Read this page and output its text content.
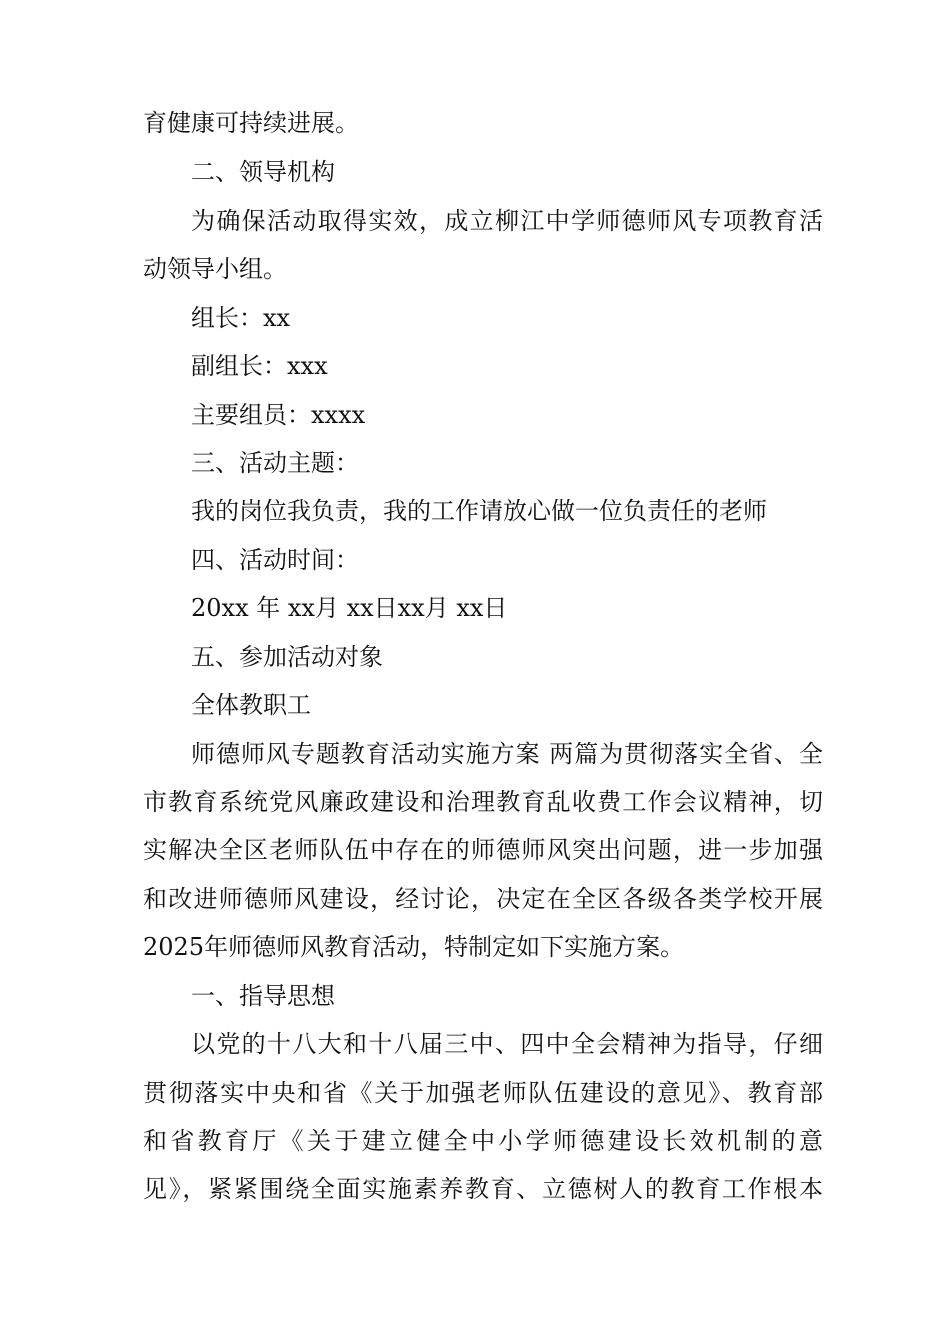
育健康可持续进展。
二、领导机构
为确保活动取得实效，成立柳江中学师德师风专项教育活
动领导小组。
组长：xx
副组长：xxx
主要组员：xxxx
三、活动主题：
我的岗位我负责，我的工作请放心做一位负责任的老师
四、活动时间：
20xx 年 xx月 xx日xx月 xx日
五、参加活动对象
全体教职工
师德师风专题教育活动实施方案 两篇为贯彻落实全省、全
市教育系统党风廉政建设和治理教育乱收费工作会议精神，切
实解决全区老师队伍中存在的师德师风突出问题，进一步加强
和改进师德师风建设，经讨论，决定在全区各级各类学校开展
2025年师德师风教育活动，特制定如下实施方案。
一、指导思想
以党的十八大和十八届三中、四中全会精神为指导，仔细
贯彻落实中央和省《关于加强老师队伍建设的意见》、教育部
和省教育厅《关于建立健全中小学师德建设长效机制的意
见》，紧紧围绕全面实施素养教育、立德树人的教育工作根本
